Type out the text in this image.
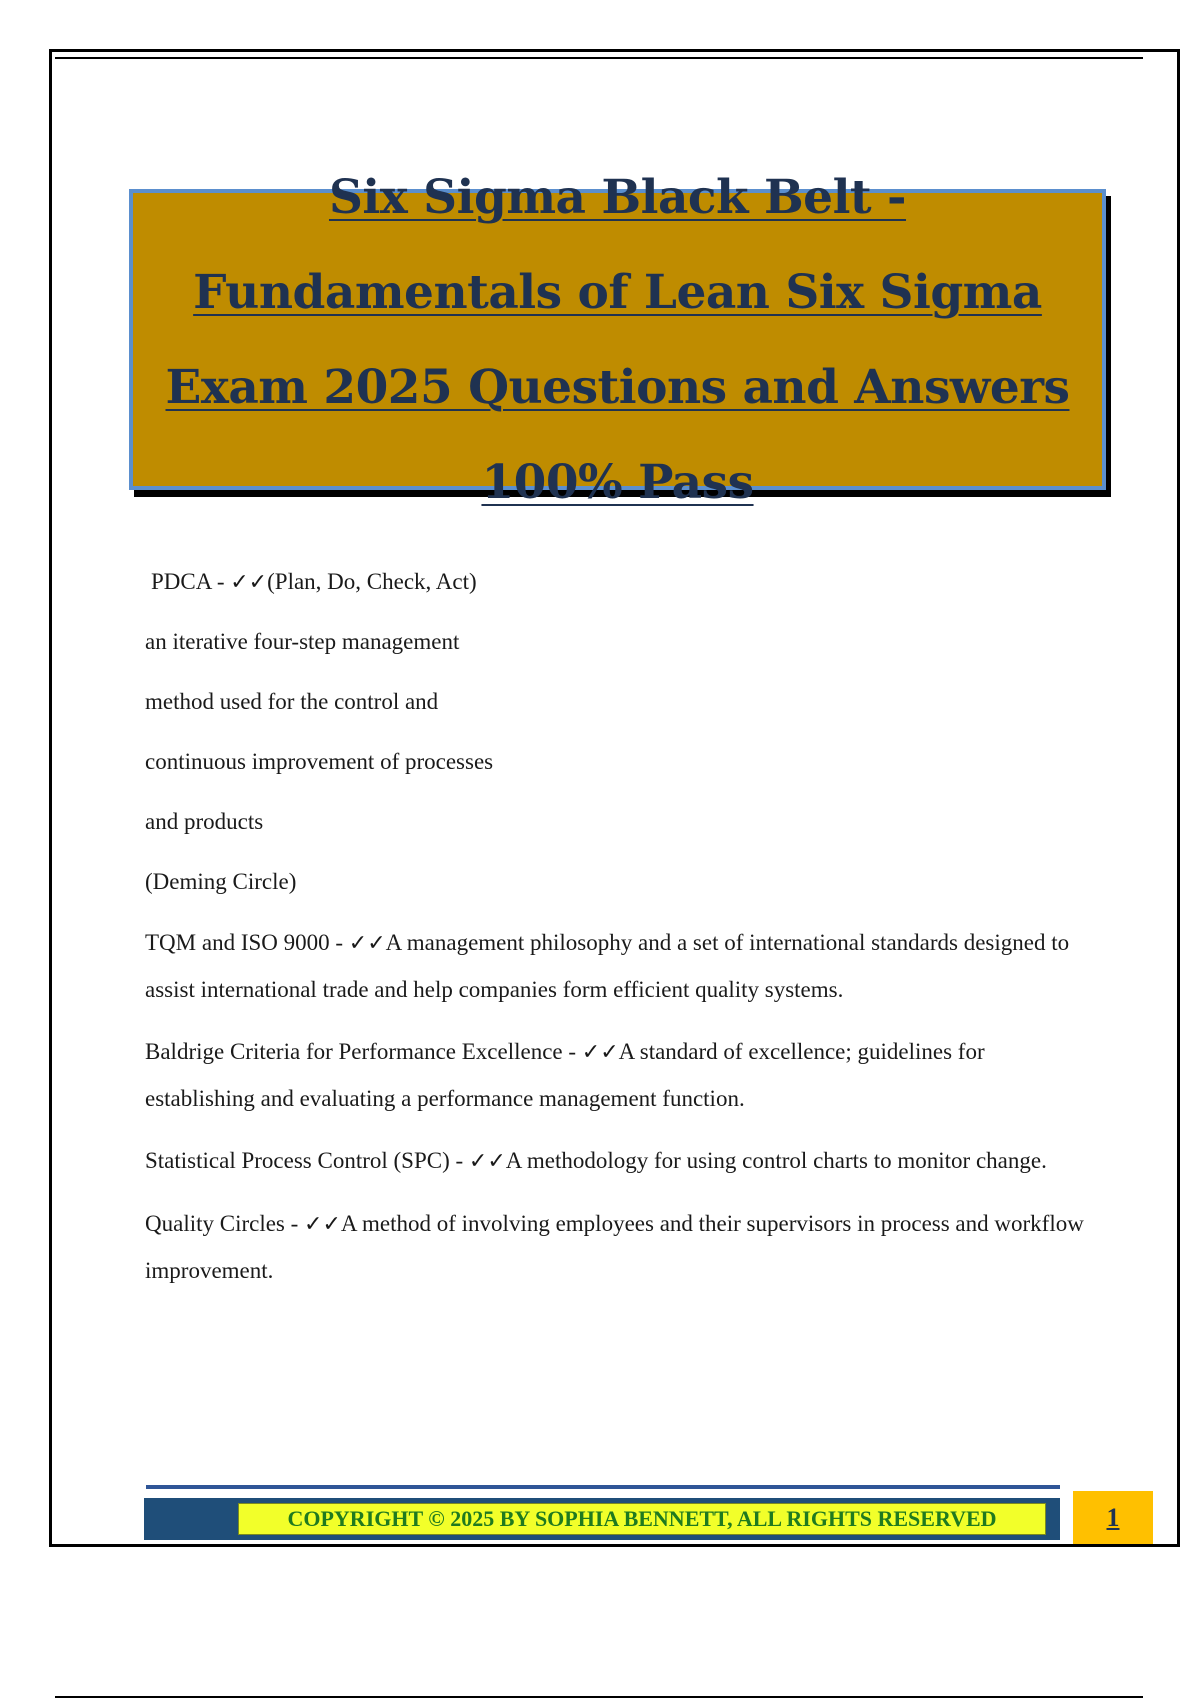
Six Sigma Black Belt - Fundamentals of Lean Six Sigma Exam 2025 Questions and Answers 100% Pass

PDCA - ✓✓(Plan, Do, Check, Act)

an iterative four-step management

method used for the control and

continuous improvement of processes

and products

(Deming Circle)

TQM and ISO 9000 - ✓✓A management philosophy and a set of international standards designed to assist international trade and help companies form efficient quality systems.

Baldrige Criteria for Performance Excellence - ✓✓A standard of excellence; guidelines for establishing and evaluating a performance management function.

Statistical Process Control (SPC) - ✓✓A methodology for using control charts to monitor change.

Quality Circles - ✓✓A method of involving employees and their supervisors in process and workflow improvement.

COPYRIGHT © 2025 BY SOPHIA BENNETT, ALL RIGHTS RESERVED	1
